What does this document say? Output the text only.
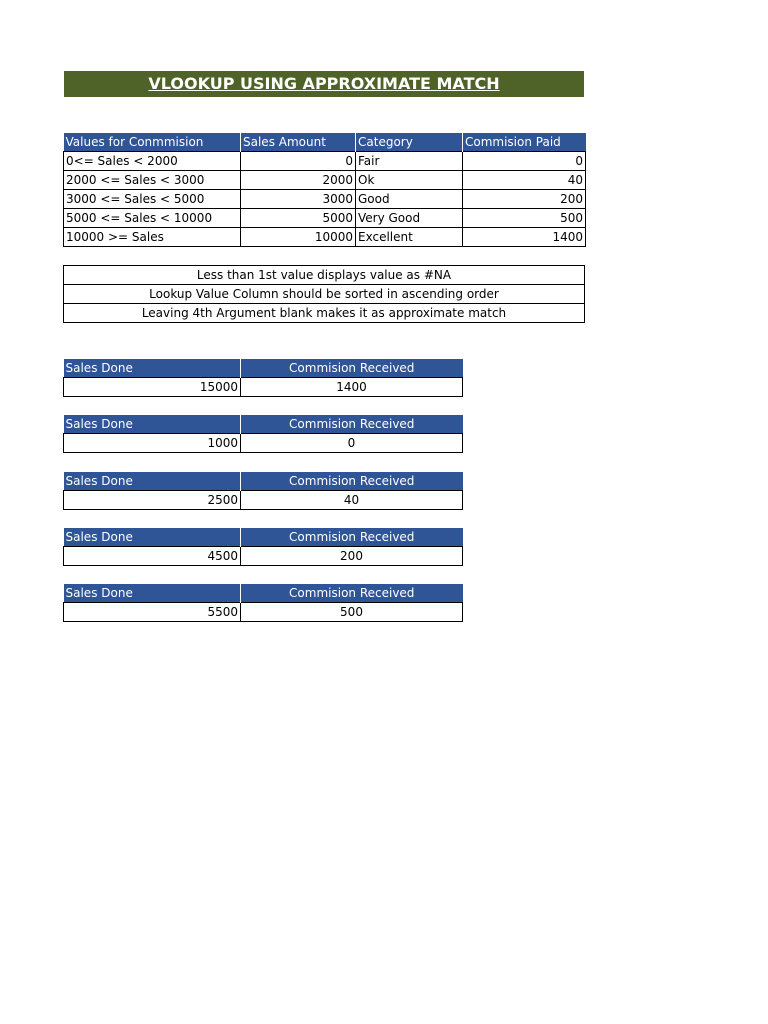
VLOOKUP USING APPROXIMATE MATCH
Values for Conmmision	Sales Amount	Category	Commision Paid
0<= Sales < 2000	0	Fair	0
2000 <= Sales < 3000	2000	Ok	40
3000 <= Sales < 5000	3000	Good	200
5000 <= Sales < 10000	5000	Very Good	500
10000 >= Sales	10000	Excellent	1400
Less than 1st value displays value as #NA
Lookup Value Column should be sorted in ascending order
Leaving 4th Argument blank makes it as approximate match
Sales Done	Commision Received
15000	1400
Sales Done	Commision Received
1000	0
Sales Done	Commision Received
2500	40
Sales Done	Commision Received
4500	200
Sales Done	Commision Received
5500	500
